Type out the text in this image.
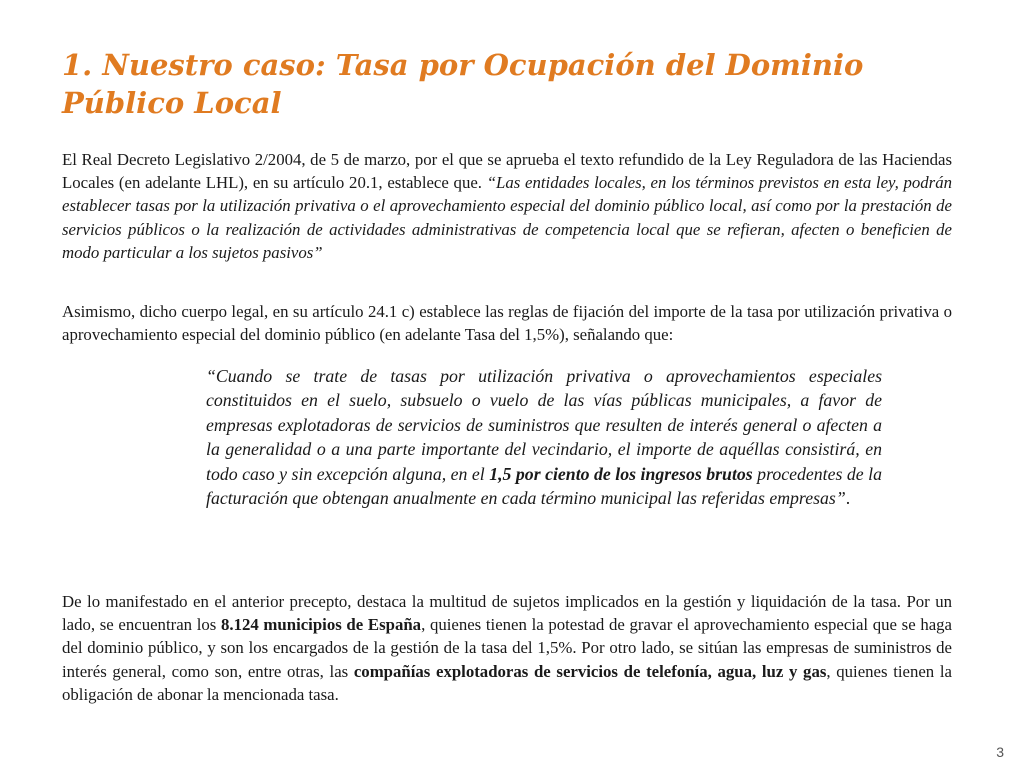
1. Nuestro caso: Tasa por Ocupación del Dominio Público Local

El Real Decreto Legislativo 2/2004, de 5 de marzo, por el que se aprueba el texto refundido de la Ley Reguladora de las Haciendas Locales (en adelante LHL), en su artículo 20.1, establece que. “Las entidades locales, en los términos previstos en esta ley, podrán establecer tasas por la utilización privativa o el aprovechamiento especial del dominio público local, así como por la prestación de servicios públicos o la realización de actividades administrativas de competencia local que se refieran, afecten o beneficien de modo particular a los sujetos pasivos”

Asimismo, dicho cuerpo legal, en su artículo 24.1 c) establece las reglas de fijación del importe de la tasa por utilización privativa o aprovechamiento especial del dominio público (en adelante Tasa del 1,5%), señalando que:

“Cuando se trate de tasas por utilización privativa o aprovechamientos especiales constituidos en el suelo, subsuelo o vuelo de las vías públicas municipales, a favor de empresas explotadoras de servicios de suministros que resulten de interés general o afecten a la generalidad o a una parte importante del vecindario, el importe de aquéllas consistirá, en todo caso y sin excepción alguna, en el 1,5 por ciento de los ingresos brutos procedentes de la facturación que obtengan anualmente en cada término municipal las referidas empresas”.

De lo manifestado en el anterior precepto, destaca la multitud de sujetos implicados en la gestión y liquidación de la tasa. Por un lado, se encuentran los 8.124 municipios de España, quienes tienen la potestad de gravar el aprovechamiento especial que se haga del dominio público, y son los encargados de la gestión de la tasa del 1,5%. Por otro lado, se sitúan las empresas de suministros de interés general, como son, entre otras, las compañías explotadoras de servicios de telefonía, agua, luz y gas, quienes tienen la obligación de abonar la mencionada tasa.

3
